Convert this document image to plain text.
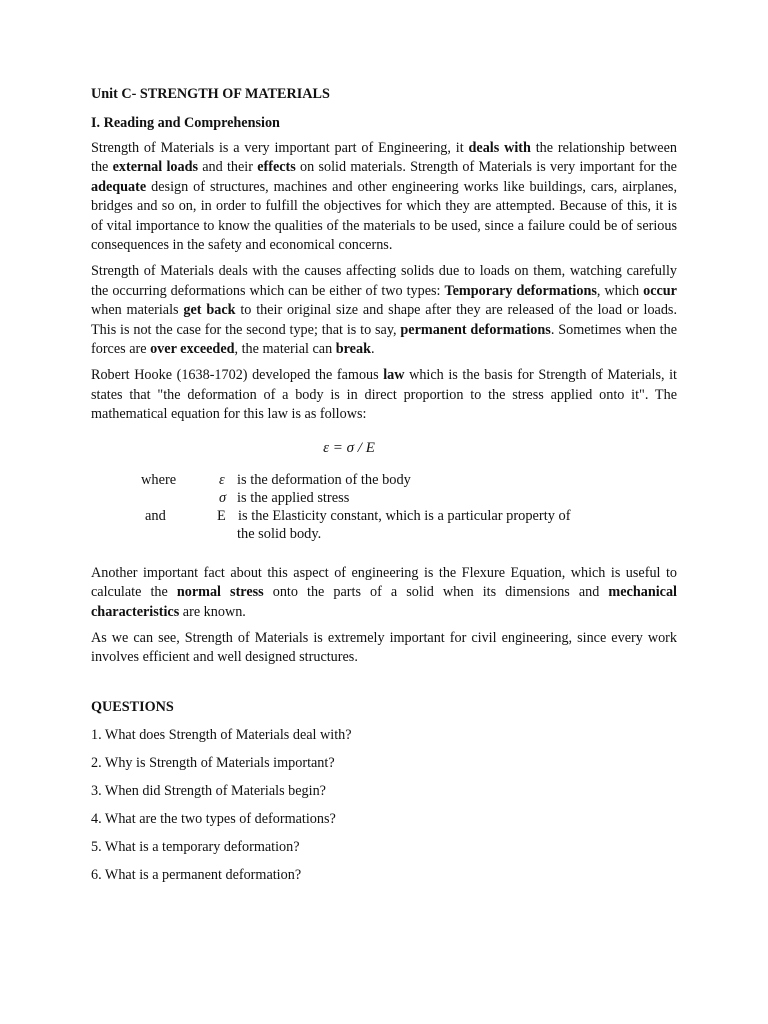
Unit C- STRENGTH OF MATERIALS
I. Reading and Comprehension

Strength of Materials is a very important part of Engineering, it deals with the relationship between the external loads and their effects on solid materials. Strength of Materials is very important for the adequate design of structures, machines and other engineering works like buildings, cars, airplanes, bridges and so on, in order to fulfill the objectives for which they are attempted. Because of this, it is of vital importance to know the qualities of the materials to be used, since a failure could be of serious consequences in the safety and economical concerns.

Strength of Materials deals with the causes affecting solids due to loads on them, watching carefully the occurring deformations which can be either of two types: Temporary deformations, which occur when materials get back to their original size and shape after they are released of the load or loads. This is not the case for the second type; that is to say, permanent deformations. Sometimes when the forces are over exceeded, the material can break.

Robert Hooke (1638-1702) developed the famous law which is the basis for Strength of Materials, it states that "the deformation of a body is in direct proportion to the stress applied onto it". The mathematical equation for this law is as follows:

ε = σ / E
where	ε is the deformation of the body
σ is the applied stress
and	E is the Elasticity constant, which is a particular property of
the solid body.

Another important fact about this aspect of engineering is the Flexure Equation, which is useful to calculate the normal stress onto the parts of a solid when its dimensions and mechanical characteristics are known.

As we can see, Strength of Materials is extremely important for civil engineering, since every work involves efficient and well designed structures.

QUESTIONS
1. What does Strength of Materials deal with?
2. Why is Strength of Materials important?
3. When did Strength of Materials begin?
4. What are the two types of deformations?
5. What is a temporary deformation?
6. What is a permanent deformation?
